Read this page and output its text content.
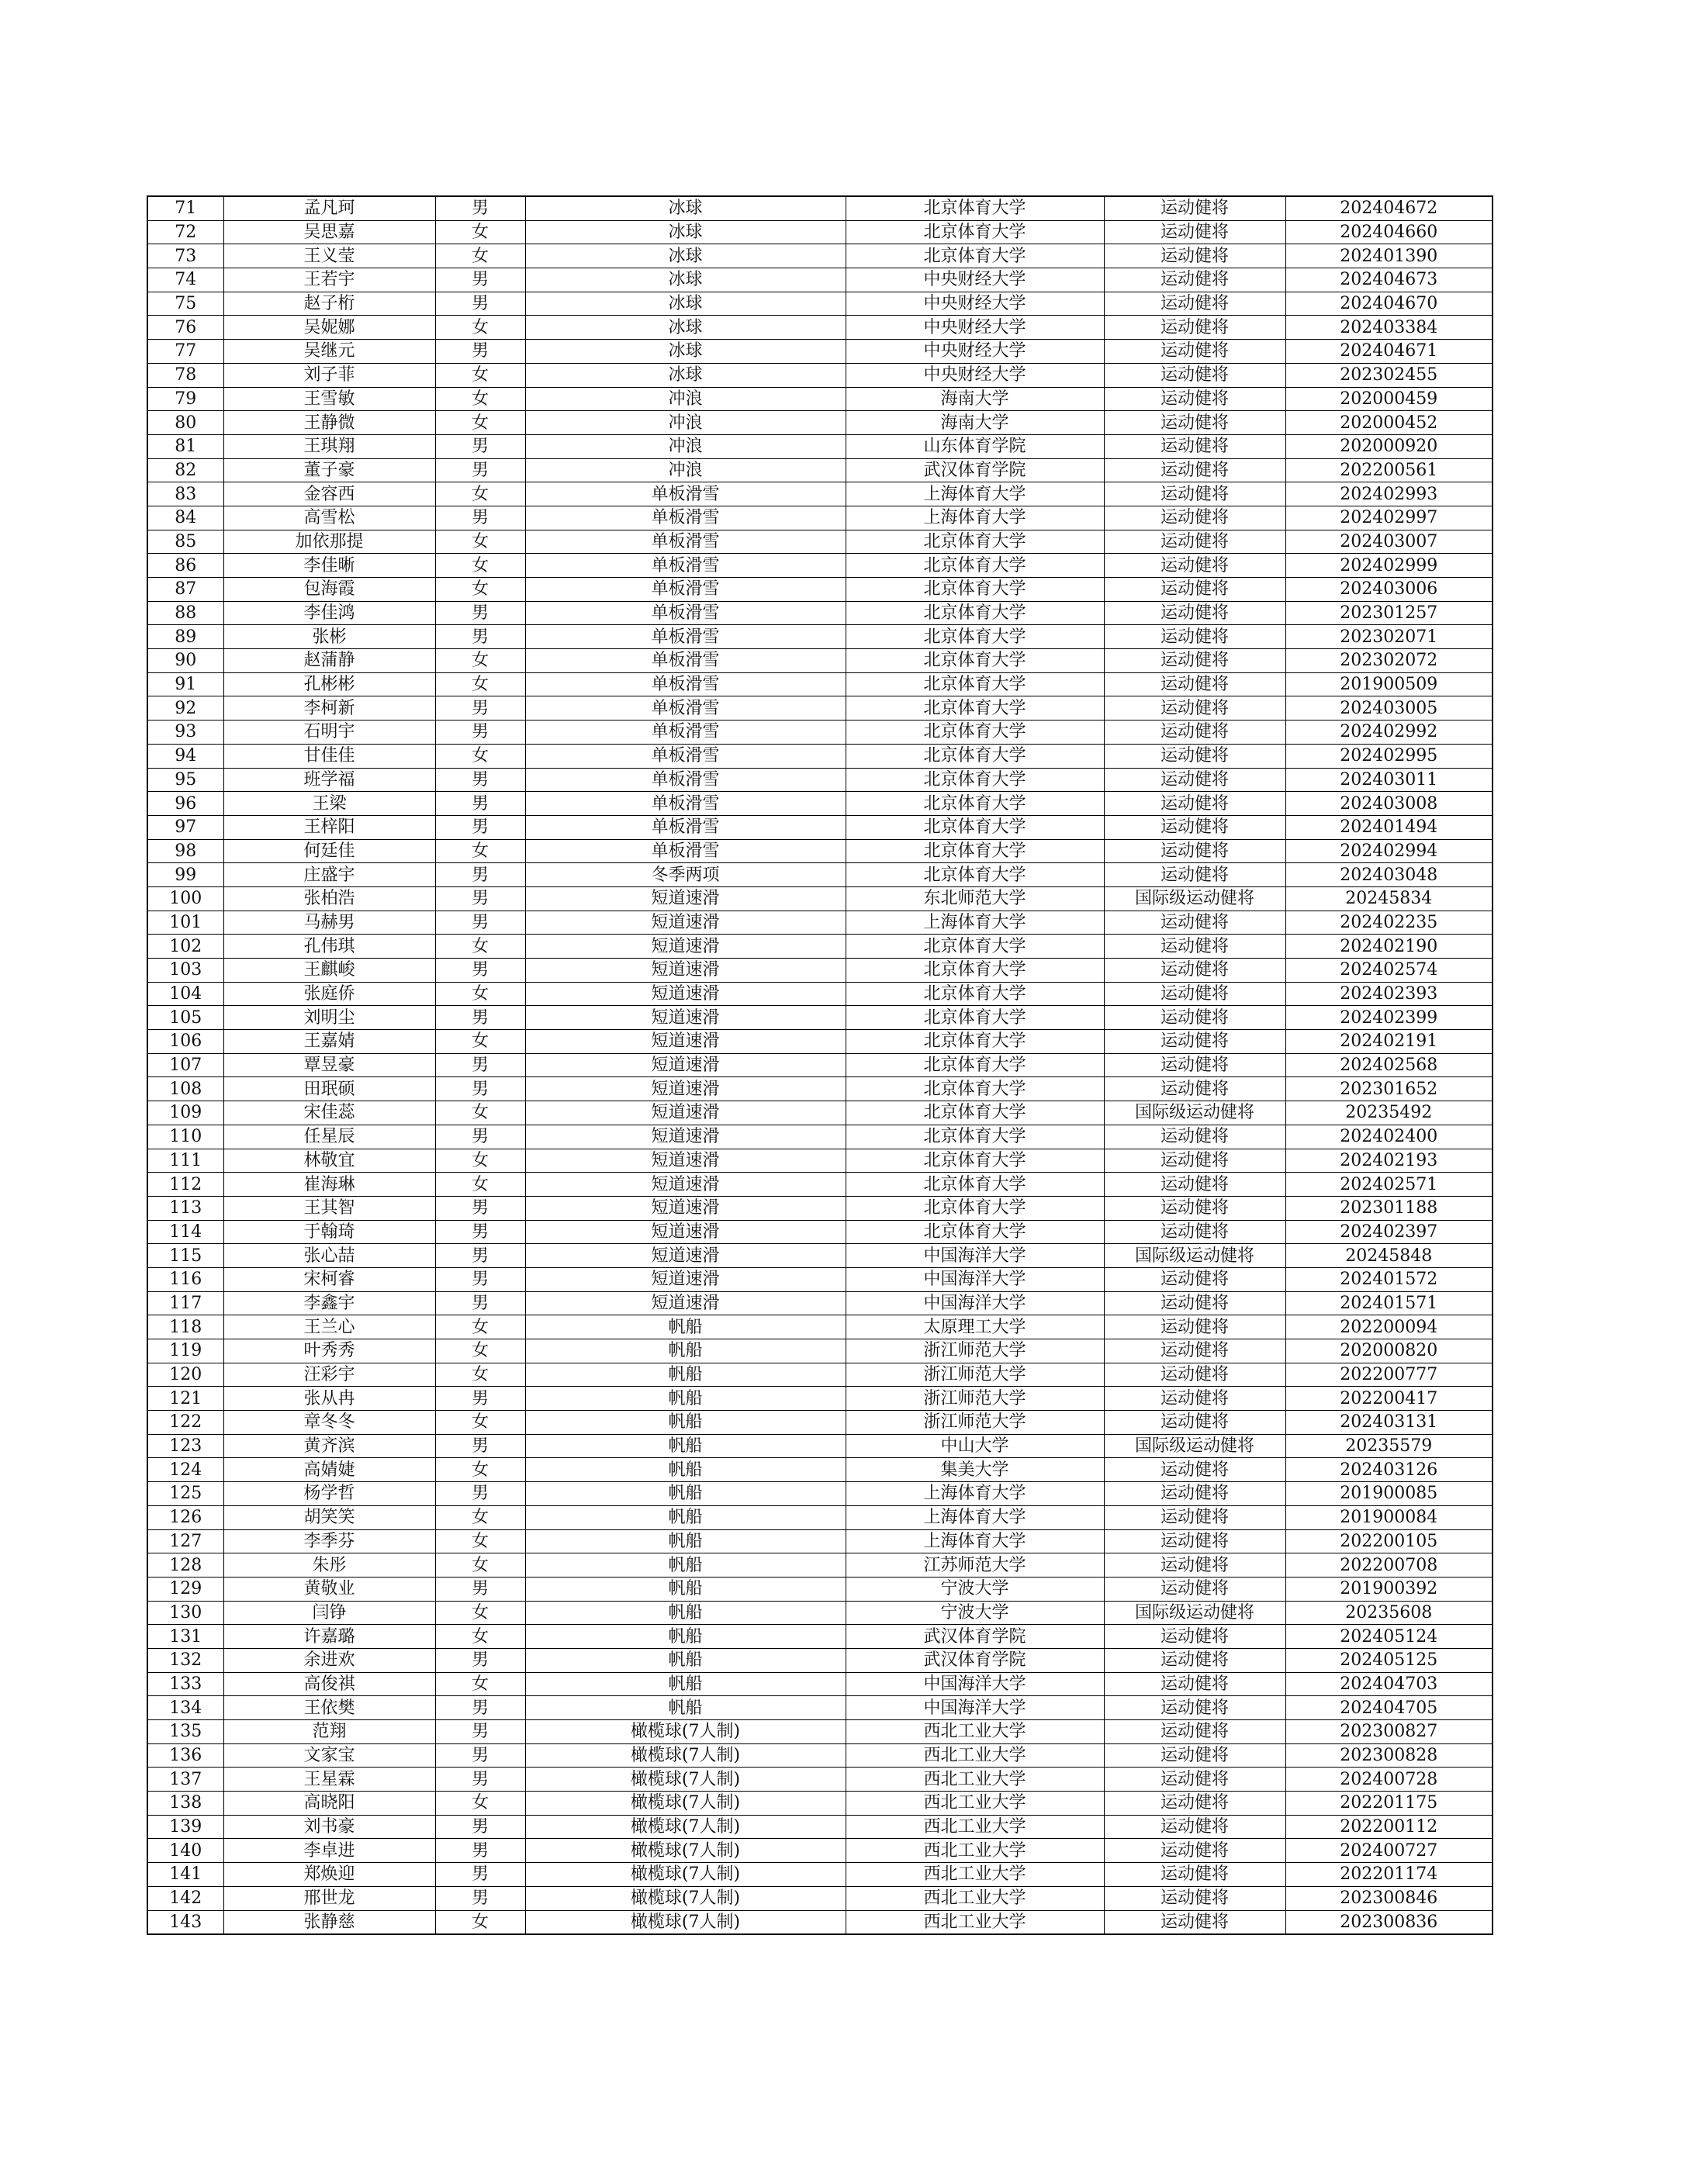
71	孟凡珂	男	冰球	北京体育大学	运动健将	202404672
72	吴思嘉	女	冰球	北京体育大学	运动健将	202404660
73	王义莹	女	冰球	北京体育大学	运动健将	202401390
74	王若宇	男	冰球	中央财经大学	运动健将	202404673
75	赵子桁	男	冰球	中央财经大学	运动健将	202404670
76	吴妮娜	女	冰球	中央财经大学	运动健将	202403384
77	吴继元	男	冰球	中央财经大学	运动健将	202404671
78	刘子菲	女	冰球	中央财经大学	运动健将	202302455
79	王雪敏	女	冲浪	海南大学	运动健将	202000459
80	王静微	女	冲浪	海南大学	运动健将	202000452
81	王琪翔	男	冲浪	山东体育学院	运动健将	202000920
82	董子豪	男	冲浪	武汉体育学院	运动健将	202200561
83	金容西	女	单板滑雪	上海体育大学	运动健将	202402993
84	高雪松	男	单板滑雪	上海体育大学	运动健将	202402997
85	加依那提	女	单板滑雪	北京体育大学	运动健将	202403007
86	李佳晰	女	单板滑雪	北京体育大学	运动健将	202402999
87	包海霞	女	单板滑雪	北京体育大学	运动健将	202403006
88	李佳鸿	男	单板滑雪	北京体育大学	运动健将	202301257
89	张彬	男	单板滑雪	北京体育大学	运动健将	202302071
90	赵蒲静	女	单板滑雪	北京体育大学	运动健将	202302072
91	孔彬彬	女	单板滑雪	北京体育大学	运动健将	201900509
92	李柯新	男	单板滑雪	北京体育大学	运动健将	202403005
93	石明宇	男	单板滑雪	北京体育大学	运动健将	202402992
94	甘佳佳	女	单板滑雪	北京体育大学	运动健将	202402995
95	班学福	男	单板滑雪	北京体育大学	运动健将	202403011
96	王梁	男	单板滑雪	北京体育大学	运动健将	202403008
97	王梓阳	男	单板滑雪	北京体育大学	运动健将	202401494
98	何廷佳	女	单板滑雪	北京体育大学	运动健将	202402994
99	庄盛宇	男	冬季两项	北京体育大学	运动健将	202403048
100	张柏浩	男	短道速滑	东北师范大学	国际级运动健将	20245834
101	马赫男	男	短道速滑	上海体育大学	运动健将	202402235
102	孔伟琪	女	短道速滑	北京体育大学	运动健将	202402190
103	王麒峻	男	短道速滑	北京体育大学	运动健将	202402574
104	张庭侨	女	短道速滑	北京体育大学	运动健将	202402393
105	刘明尘	男	短道速滑	北京体育大学	运动健将	202402399
106	王嘉婧	女	短道速滑	北京体育大学	运动健将	202402191
107	覃昱豪	男	短道速滑	北京体育大学	运动健将	202402568
108	田珉硕	男	短道速滑	北京体育大学	运动健将	202301652
109	宋佳蕊	女	短道速滑	北京体育大学	国际级运动健将	20235492
110	任星辰	男	短道速滑	北京体育大学	运动健将	202402400
111	林敬宜	女	短道速滑	北京体育大学	运动健将	202402193
112	崔海琳	女	短道速滑	北京体育大学	运动健将	202402571
113	王其智	男	短道速滑	北京体育大学	运动健将	202301188
114	于翰琦	男	短道速滑	北京体育大学	运动健将	202402397
115	张心喆	男	短道速滑	中国海洋大学	国际级运动健将	20245848
116	宋柯睿	男	短道速滑	中国海洋大学	运动健将	202401572
117	李鑫宇	男	短道速滑	中国海洋大学	运动健将	202401571
118	王兰心	女	帆船	太原理工大学	运动健将	202200094
119	叶秀秀	女	帆船	浙江师范大学	运动健将	202000820
120	汪彩宇	女	帆船	浙江师范大学	运动健将	202200777
121	张从冉	男	帆船	浙江师范大学	运动健将	202200417
122	章冬冬	女	帆船	浙江师范大学	运动健将	202403131
123	黄齐滨	男	帆船	中山大学	国际级运动健将	20235579
124	高婧婕	女	帆船	集美大学	运动健将	202403126
125	杨学哲	男	帆船	上海体育大学	运动健将	201900085
126	胡笑笑	女	帆船	上海体育大学	运动健将	201900084
127	李季芬	女	帆船	上海体育大学	运动健将	202200105
128	朱彤	女	帆船	江苏师范大学	运动健将	202200708
129	黄敬业	男	帆船	宁波大学	运动健将	201900392
130	闫铮	女	帆船	宁波大学	国际级运动健将	20235608
131	许嘉璐	女	帆船	武汉体育学院	运动健将	202405124
132	余进欢	男	帆船	武汉体育学院	运动健将	202405125
133	高俊祺	女	帆船	中国海洋大学	运动健将	202404703
134	王依樊	男	帆船	中国海洋大学	运动健将	202404705
135	范翔	男	橄榄球(7人制)	西北工业大学	运动健将	202300827
136	文家宝	男	橄榄球(7人制)	西北工业大学	运动健将	202300828
137	王星霖	男	橄榄球(7人制)	西北工业大学	运动健将	202400728
138	高晓阳	女	橄榄球(7人制)	西北工业大学	运动健将	202201175
139	刘书豪	男	橄榄球(7人制)	西北工业大学	运动健将	202200112
140	李卓进	男	橄榄球(7人制)	西北工业大学	运动健将	202400727
141	郑焕迎	男	橄榄球(7人制)	西北工业大学	运动健将	202201174
142	邢世龙	男	橄榄球(7人制)	西北工业大学	运动健将	202300846
143	张静慈	女	橄榄球(7人制)	西北工业大学	运动健将	202300836
